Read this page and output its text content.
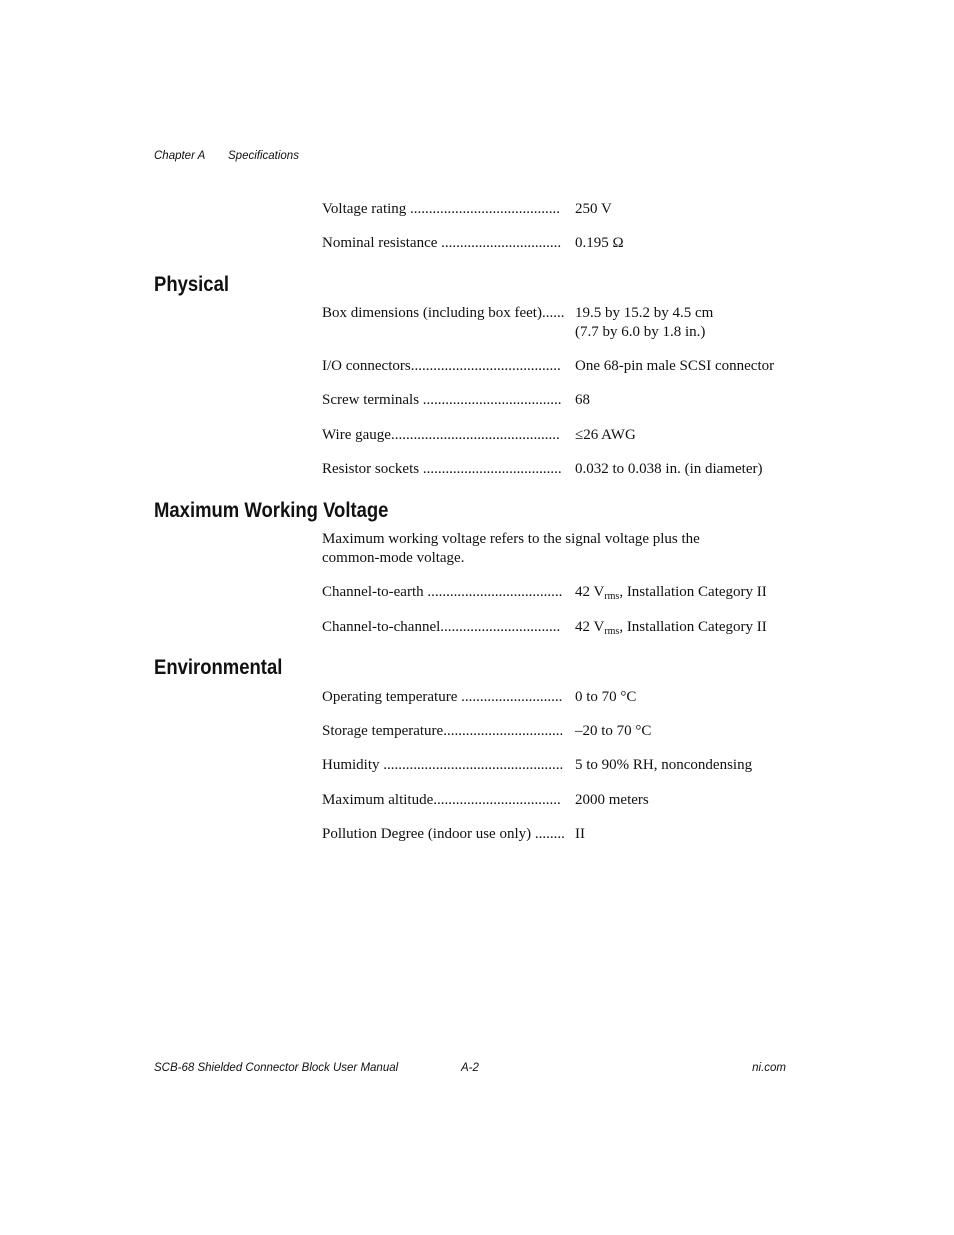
Chapter A Specifications
Voltage rating ........................................ 250 V
Nominal resistance ................................ 0.195 Ω
Physical
Box dimensions (including box feet)...... 19.5 by 15.2 by 4.5 cm
(7.7 by 6.0 by 1.8 in.)
I/O connectors........................................ One 68-pin male SCSI connector
Screw terminals ..................................... 68
Wire gauge............................................. ≤26 AWG
Resistor sockets ..................................... 0.032 to 0.038 in. (in diameter)
Maximum Working Voltage
Maximum working voltage refers to the signal voltage plus the common-mode voltage.
Channel-to-earth .................................... 42 $V_{rms}$, Installation Category II
Channel-to-channel................................ 42 $V_{rms}$, Installation Category II
Environmental
Operating temperature ........................... 0 to 70 °C
Storage temperature................................ –20 to 70 °C
Humidity ................................................ 5 to 90% RH, noncondensing
Maximum altitude.................................. 2000 meters
Pollution Degree (indoor use only) ........ II
SCB-68 Shielded Connector Block User Manual	A-2	ni.com
